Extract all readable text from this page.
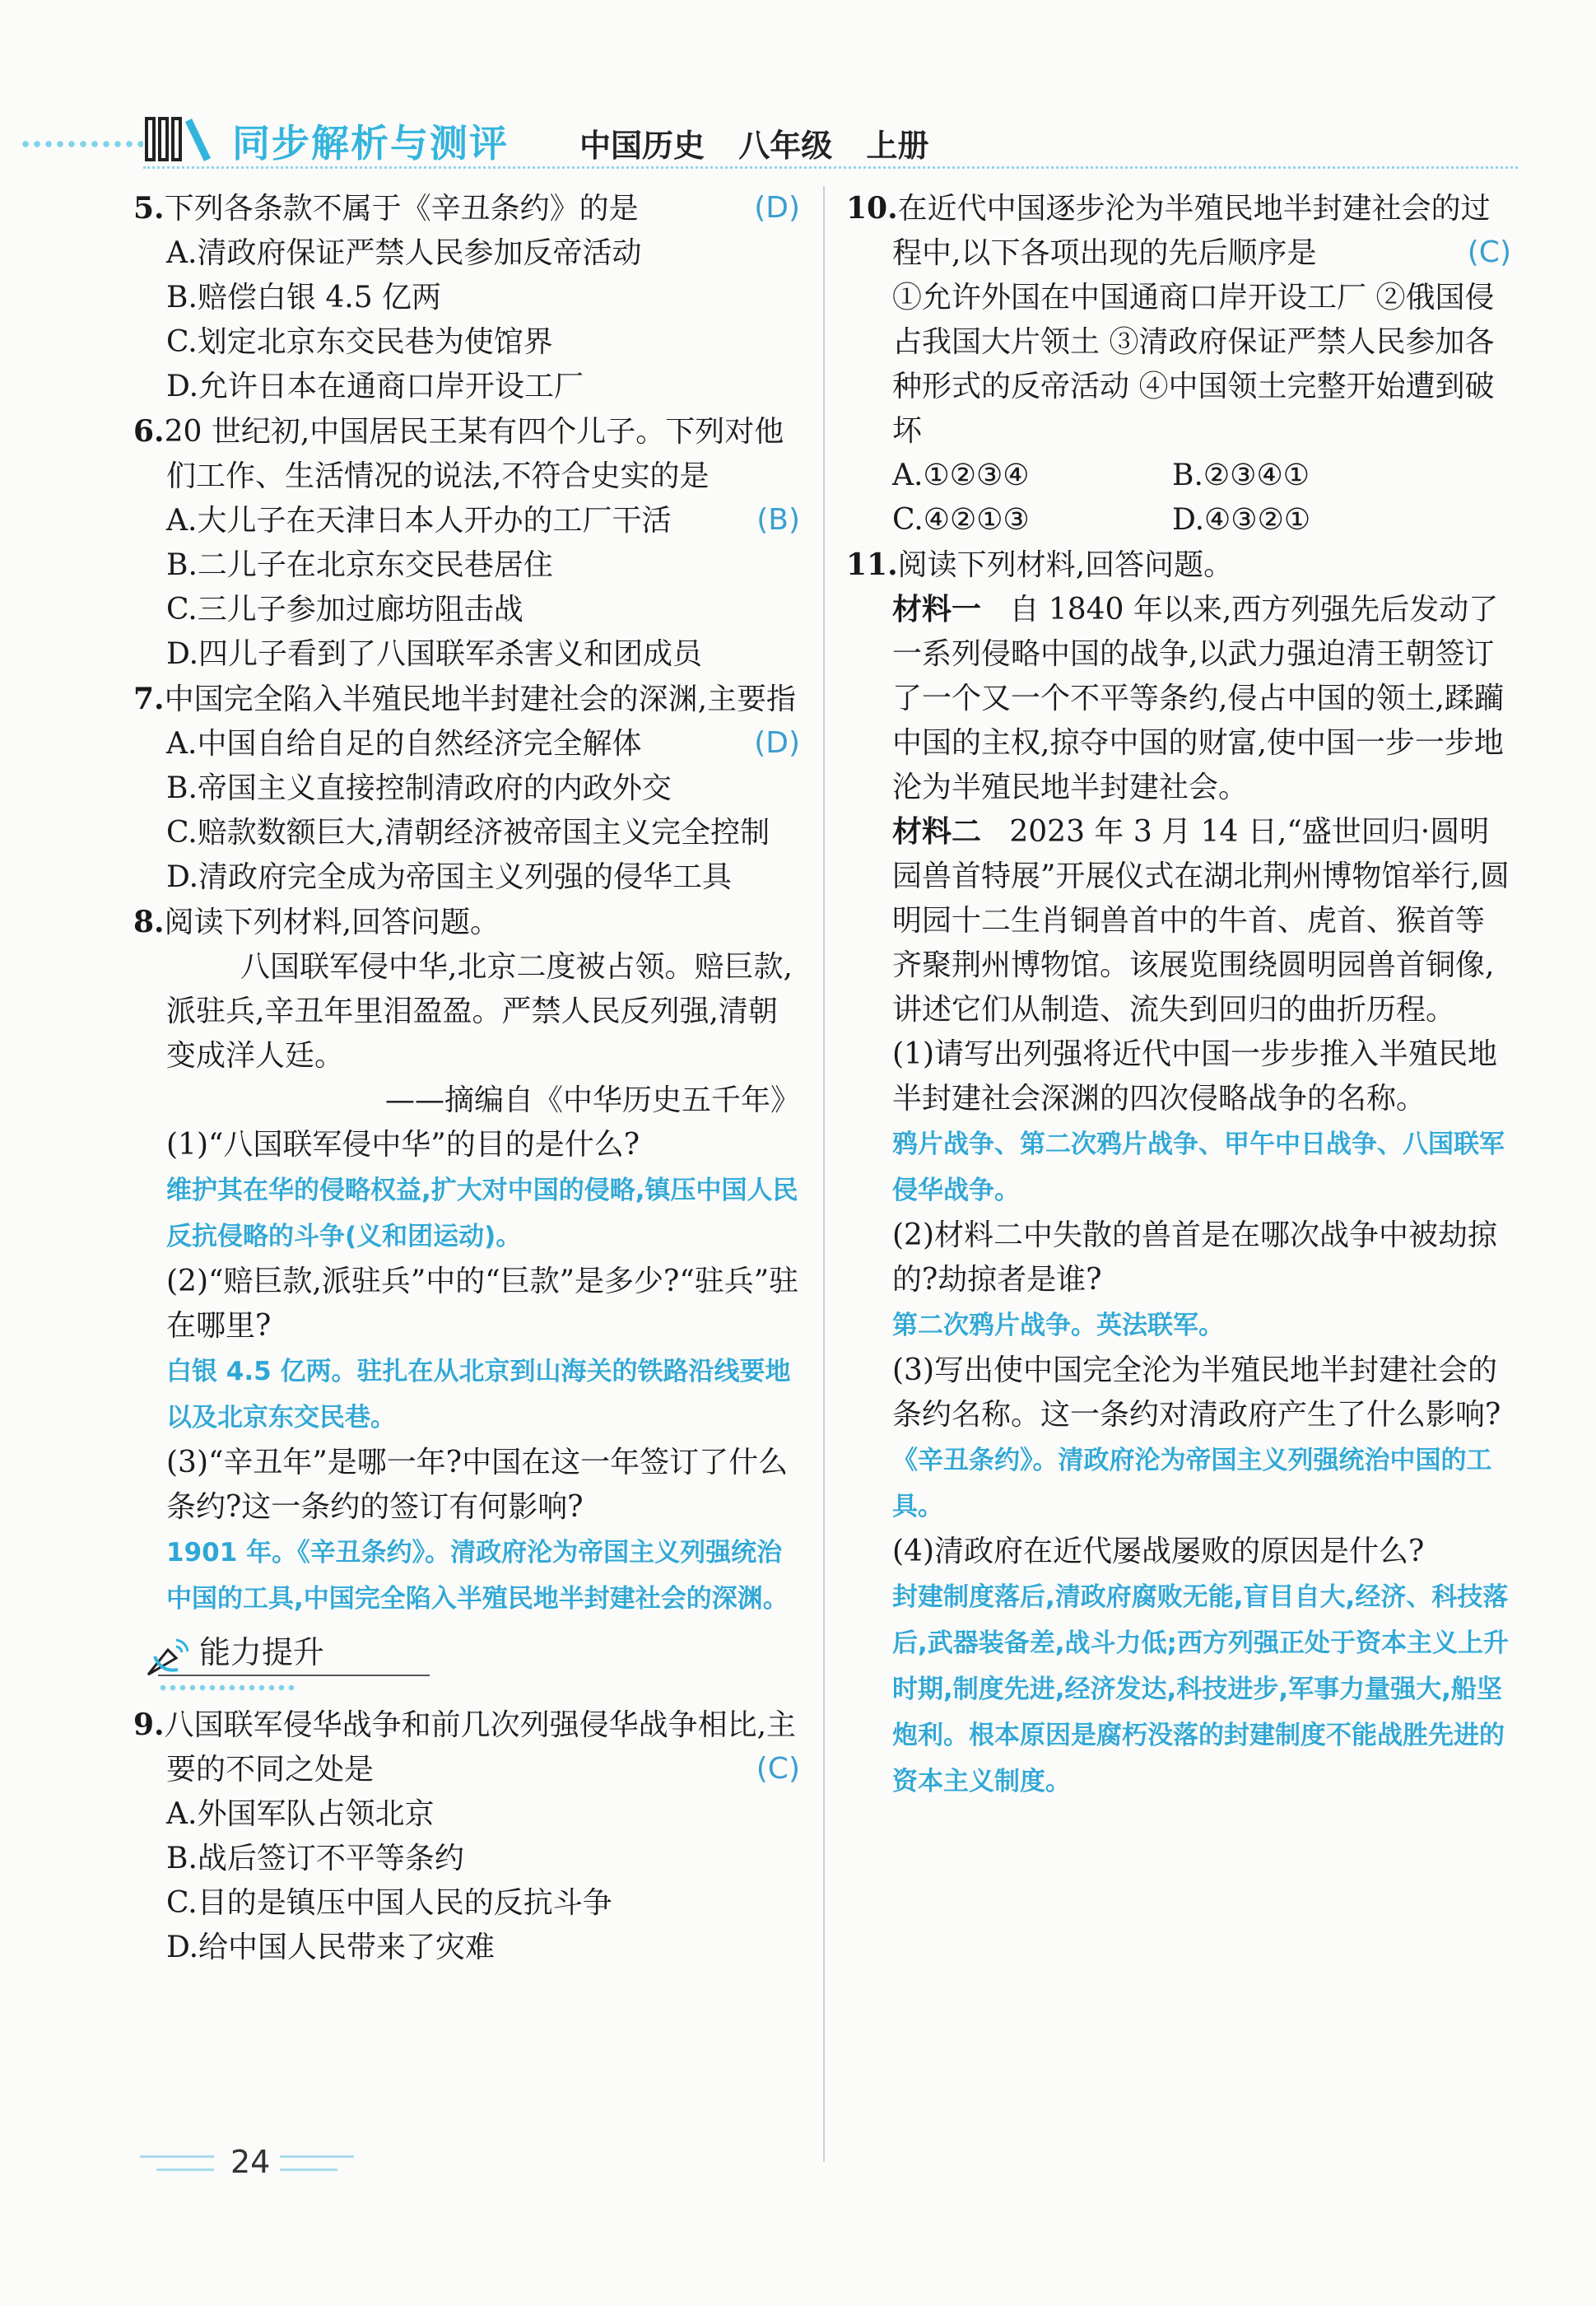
同步解析与测评 中国历史 八年级 上册
(D)
5.下列各条款不属于《辛丑条约》的是
A.清政府保证严禁人民参加反帝活动
B.赔偿白银 4.5 亿两
C.划定北京东交民巷为使馆界
D.允许日本在通商口岸开设工厂
(B)
6.20 世纪初,中国居民王某有四个儿子。下列对他们工作、生活情况的说法,不符合史实的是
A.大儿子在天津日本人开办的工厂干活
B.二儿子在北京东交民巷居住
C.三儿子参加过廊坊阻击战
D.四儿子看到了八国联军杀害义和团成员
(D)
7.中国完全陷入半殖民地半封建社会的深渊,主要指
A.中国自给自足的自然经济完全解体
B.帝国主义直接控制清政府的内政外交
C.赔款数额巨大,清朝经济被帝国主义完全控制
D.清政府完全成为帝国主义列强的侵华工具
8.阅读下列材料,回答问题。
八国联军侵中华,北京二度被占领。赔巨款,派驻兵,辛丑年里泪盈盈。严禁人民反列强,清朝变成洋人廷。
——摘编自《中华历史五千年》
(1)“八国联军侵中华”的目的是什么?
维护其在华的侵略权益,扩大对中国的侵略,镇压中国人民反抗侵略的斗争(义和团运动)。
(2)“赔巨款,派驻兵”中的“巨款”是多少?“驻兵”驻在哪里?
白银 4.5 亿两。驻扎在从北京到山海关的铁路沿线要地以及北京东交民巷。
(3)“辛丑年”是哪一年?中国在这一年签订了什么条约?这一条约的签订有何影响?
1901 年。《辛丑条约》。清政府沦为帝国主义列强统治中国的工具,中国完全陷入半殖民地半封建社会的深渊。
能力提升
(C)
9.八国联军侵华战争和前几次列强侵华战争相比,主要的不同之处是
A.外国军队占领北京
B.战后签订不平等条约
C.目的是镇压中国人民的反抗斗争
D.给中国人民带来了灾难
(C)
10.在近代中国逐步沦为半殖民地半封建社会的过程中,以下各项出现的先后顺序是
①允许外国在中国通商口岸开设工厂 ②俄国侵占我国大片领土 ③清政府保证严禁人民参加各种形式的反帝活动 ④中国领土完整开始遭到破坏
A.①②③④	B.②③④①
C.④②①③	D.④③②①
11.阅读下列材料,回答问题。
材料一 自 1840 年以来,西方列强先后发动了一系列侵略中国的战争,以武力强迫清王朝签订了一个又一个不平等条约,侵占中国的领土,蹂躏中国的主权,掠夺中国的财富,使中国一步一步地沦为半殖民地半封建社会。
材料二 2023 年 3 月 14 日,“盛世回归·圆明园兽首特展”开展仪式在湖北荆州博物馆举行,圆明园十二生肖铜兽首中的牛首、虎首、猴首等齐聚荆州博物馆。该展览围绕圆明园兽首铜像,讲述它们从制造、流失到回归的曲折历程。
(1)请写出列强将近代中国一步步推入半殖民地半封建社会深渊的四次侵略战争的名称。
鸦片战争、第二次鸦片战争、甲午中日战争、八国联军侵华战争。
(2)材料二中失散的兽首是在哪次战争中被劫掠的?劫掠者是谁?
第二次鸦片战争。英法联军。
(3)写出使中国完全沦为半殖民地半封建社会的条约名称。这一条约对清政府产生了什么影响?
《辛丑条约》。清政府沦为帝国主义列强统治中国的工具。
(4)清政府在近代屡战屡败的原因是什么?
封建制度落后,清政府腐败无能,盲目自大,经济、科技落后,武器装备差,战斗力低;西方列强正处于资本主义上升时期,制度先进,经济发达,科技进步,军事力量强大,船坚炮利。根本原因是腐朽没落的封建制度不能战胜先进的资本主义制度。
24
